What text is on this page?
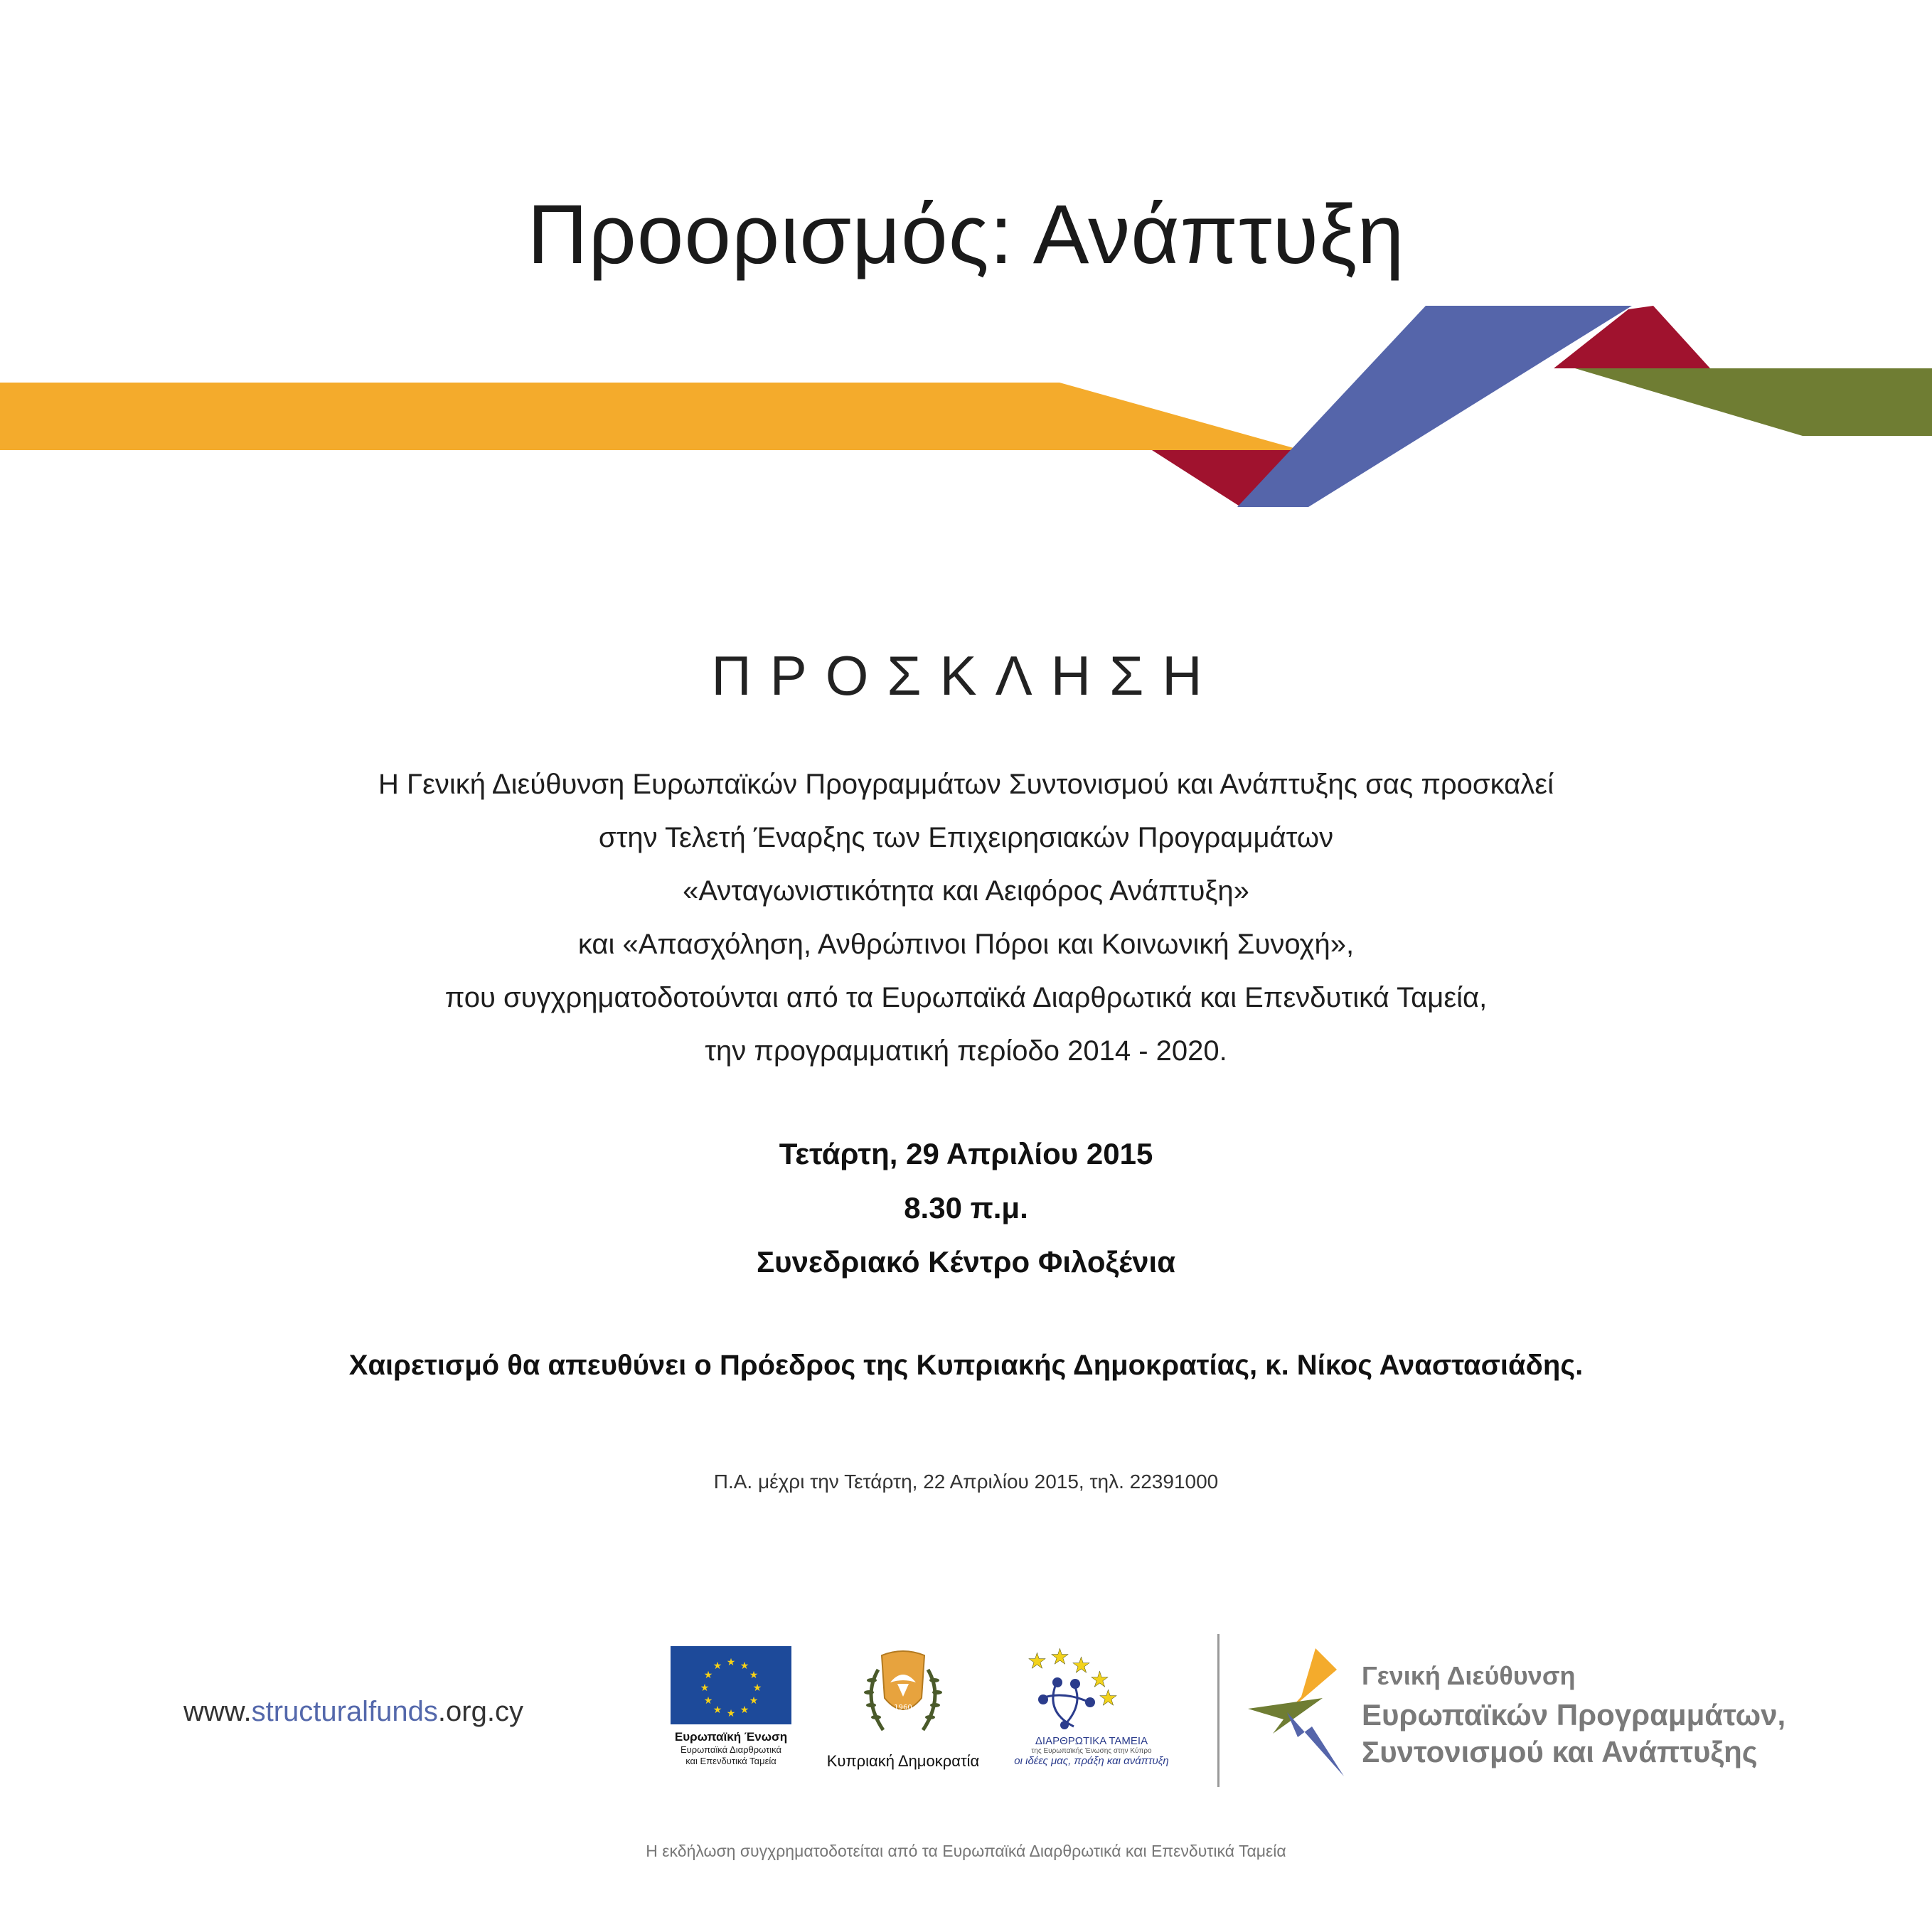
Προορισμός: Ανάπτυξη
ΠΡΟΣΚΛΗΣΗ
Η Γενική Διεύθυνση Ευρωπαϊκών Προγραμμάτων Συντονισμού και Ανάπτυξης σας προσκαλεί
στην Τελετή Έναρξης των Επιχειρησιακών Προγραμμάτων
«Ανταγωνιστικότητα και Αειφόρος Ανάπτυξη»
και «Απασχόληση, Ανθρώπινοι Πόροι και Κοινωνική Συνοχή»,
που συγχρηματοδοτούνται από τα Ευρωπαϊκά Διαρθρωτικά και Επενδυτικά Ταμεία,
την προγραμματική περίοδο 2014 - 2020.
Τετάρτη, 29 Απριλίου 2015
8.30 π.μ.
Συνεδριακό Κέντρο Φιλοξένια
Χαιρετισμό θα απευθύνει ο Πρόεδρος της Κυπριακής Δημοκρατίας, κ. Νίκος Αναστασιάδης.
Π.Α. μέχρι την Τετάρτη, 22 Απριλίου 2015, τηλ. 22391000
www.structuralfunds.org.cy
★ ★
★
★
★
★
★
★
★
★
★
★
Ευρωπαϊκή Ένωση
Ευρωπαϊκά Διαρθρωτικά
και Επενδυτικά Ταμεία
1960
Κυπριακή Δημοκρατία
★ ★ ★
★
★
ΔΙΑΡΘΡΩΤΙΚΑ ΤΑΜΕΙΑ
της Ευρωπαϊκής Ένωσης στην Κύπρο
οι ιδέες μας, πράξη και ανάπτυξη
Γενική Διεύθυνση
Ευρωπαϊκών Προγραμμάτων,
Συντονισμού και Ανάπτυξης
Η εκδήλωση συγχρηματοδοτείται από τα Ευρωπαϊκά Διαρθρωτικά και Επενδυτικά Ταμεία
